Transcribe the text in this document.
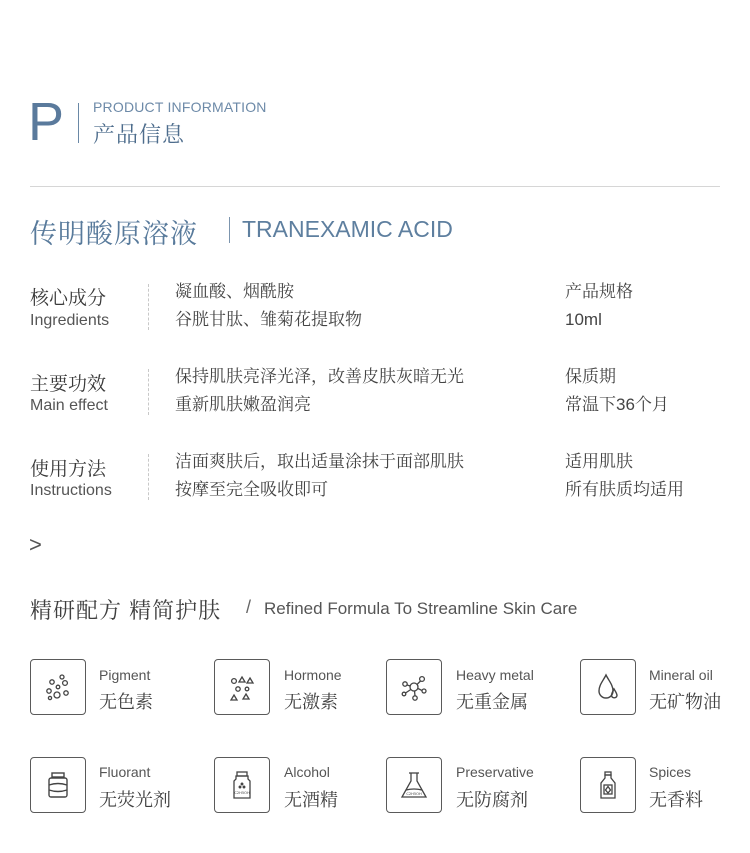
P PRODUCT INFORMATION
产品信息
传明酸原溶液 TRANEXAMIC ACID
核心成分
Ingredients
凝血酸、烟酰胺
谷胱甘肽、雏菊花提取物
产品规格
10ml
主要功效
Main effect
保持肌肤亮泽光泽，改善皮肤灰暗无光
重新肌肤嫩盈润亮
保质期
常温下36个月
使用方法
Instructions
洁面爽肤后，取出适量涂抹于面部肌肤
按摩至完全吸收即可
适用肌肤
所有肤质均适用
>
精研配方 精简护肤 / Refined Formula To Streamline Skin Care
Pigment
无色素
Hormone
无激素
Heavy metal
无重金属
Mineral oil
无矿物油
Fluorant
无荧光剂	C2H5OH
Alcohol
无酒精	C2H5OH
Preservative
无防腐剂
Spices
无香料
